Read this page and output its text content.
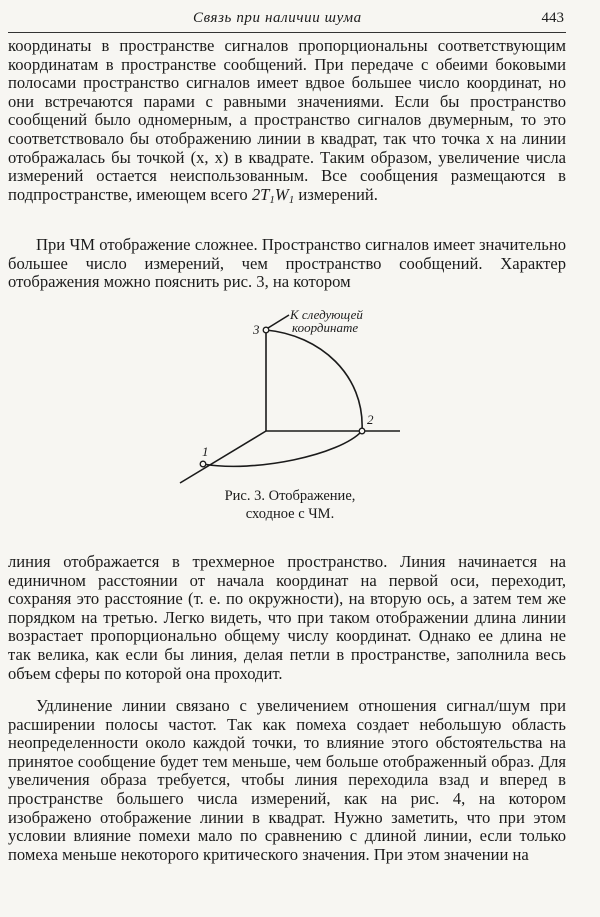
Связь при наличии шума	443

координаты в пространстве сигналов пропорциональны соответствующим координатам в пространстве сообщений. При передаче с обеими боковыми полосами пространство сигналов имеет вдвое большее число координат, но они встречаются парами с равными значениями. Если бы пространство сообщений было одномерным, а пространство сигналов двумерным, то это соответствовало бы отображению линии в квадрат, так что точка x на линии отображалась бы точкой (x, x) в квадрате. Таким образом, увеличение числа измерений остается неиспользованным. Все сообщения размещаются в подпространстве, имеющем всего $2T_1W_1$ измерений.

При ЧМ отображение сложнее. Пространство сигналов имеет значительно большее число измерений, чем пространство сообщений. Характер отображения можно пояснить рис. 3, на котором

К следующей
координате
3
2
1
Рис. 3. Отображение,
сходное с ЧМ.

линия отображается в трехмерное пространство. Линия начинается на единичном расстоянии от начала координат на первой оси, переходит, сохраняя это расстояние (т. е. по окружности), на вторую ось, а затем тем же порядком на третью. Легко видеть, что при таком отображении длина линии возрастает пропорционально общему числу координат. Однако ее длина не так велика, как если бы линия, делая петли в пространстве, заполнила весь объем сферы по которой она проходит.

Удлинение линии связано с увеличением отношения сигнал/шум при расширении полосы частот. Так как помеха создает небольшую область неопределенности около каждой точки, то влияние этого обстоятельства на принятое сообщение будет тем меньше, чем больше отображенный образ. Для увеличения образа требуется, чтобы линия переходила взад и вперед в пространстве большего числа измерений, как на рис. 4, на котором изображено отображение линии в квадрат. Нужно заметить, что при этом условии влияние помехи мало по сравнению с длиной линии, если только помеха меньше некоторого критического значения. При этом значении на
